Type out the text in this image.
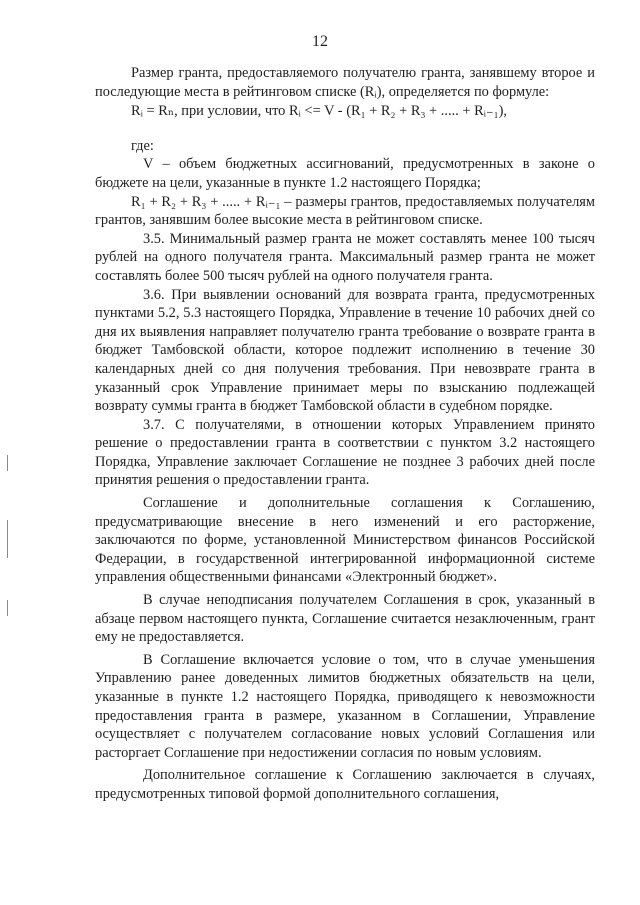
12

Размер гранта, предоставляемого получателю гранта, занявшему второе и последующие места в рейтинговом списке (Rᵢ), определяется по формуле:

Rᵢ = Rₙ, при условии, что Rᵢ <= V - (R₁ + R₂ + R₃ + ..... + Rᵢ₋₁),

где:

V – объем бюджетных ассигнований, предусмотренных в законе о бюджете на цели, указанные в пункте 1.2 настоящего Порядка;

R₁ + R₂ + R₃ + ..... + Rᵢ₋₁ – размеры грантов, предоставляемых получателям грантов, занявшим более высокие места в рейтинговом списке.

3.5. Минимальный размер гранта не может составлять менее 100 тысяч рублей на одного получателя гранта. Максимальный размер гранта не может составлять более 500 тысяч рублей на одного получателя гранта.

3.6. При выявлении оснований для возврата гранта, предусмотренных пунктами 5.2, 5.3 настоящего Порядка, Управление в течение 10 рабочих дней со дня их выявления направляет получателю гранта требование о возврате гранта в бюджет Тамбовской области, которое подлежит исполнению в течение 30 календарных дней со дня получения требования. При невозврате гранта в указанный срок Управление принимает меры по взысканию подлежащей возврату суммы гранта в бюджет Тамбовской области в судебном порядке.

3.7. С получателями, в отношении которых Управлением принято решение о предоставлении гранта в соответствии с пунктом 3.2 настоящего Порядка, Управление заключает Соглашение не позднее 3 рабочих дней после принятия решения о предоставлении гранта.

Соглашение и дополнительные соглашения к Соглашению, предусматривающие внесение в него изменений и его расторжение, заключаются по форме, установленной Министерством финансов Российской Федерации, в государственной интегрированной информационной системе управления общественными финансами «Электронный бюджет».

В случае неподписания получателем Соглашения в срок, указанный в абзаце первом настоящего пункта, Соглашение считается незаключенным, грант ему не предоставляется.

В Соглашение включается условие о том, что в случае уменьшения Управлению ранее доведенных лимитов бюджетных обязательств на цели, указанные в пункте 1.2 настоящего Порядка, приводящего к невозможности предоставления гранта в размере, указанном в Соглашении, Управление осуществляет с получателем согласование новых условий Соглашения или расторгает Соглашение при недостижении согласия по новым условиям.

Дополнительное соглашение к Соглашению заключается в случаях, предусмотренных типовой формой дополнительного соглашения,
